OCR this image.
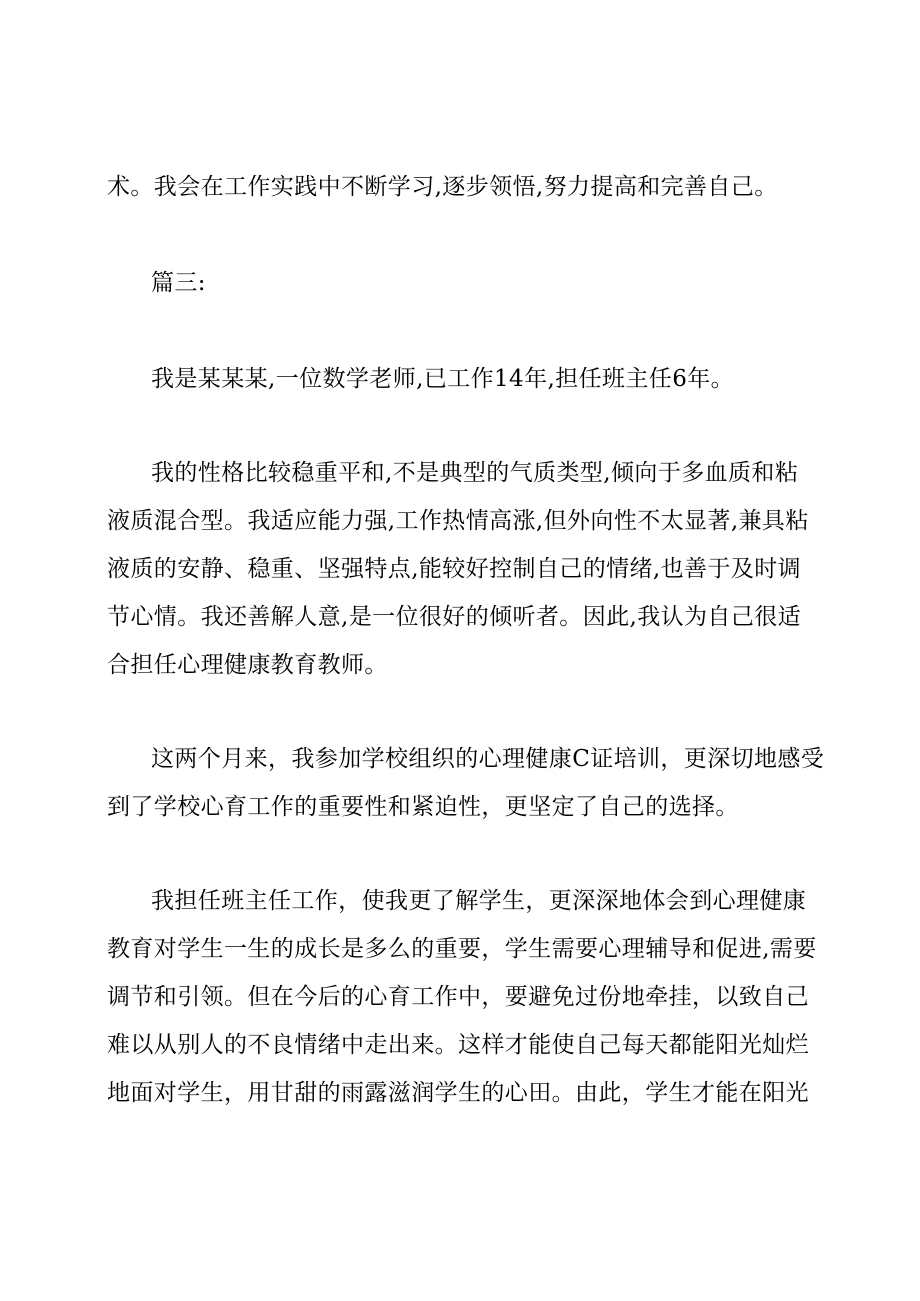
术。我会在工作实践中不断学习,逐步领悟,努力提高和完善自己。
篇三:
我是某某某,一位数学老师,已工作14年,担任班主任6年。
我的性格比较稳重平和,不是典型的气质类型,倾向于多血质和粘
液质混合型。我适应能力强,工作热情高涨,但外向性不太显著,兼具粘
液质的安静、稳重、坚强特点,能较好控制自己的情绪,也善于及时调
节心情。我还善解人意,是一位很好的倾听者。因此,我认为自己很适
合担任心理健康教育教师。
这两个月来，我参加学校组织的心理健康C证培训，更深切地感受
到了学校心育工作的重要性和紧迫性，更坚定了自己的选择。
我担任班主任工作，使我更了解学生，更深深地体会到心理健康
教育对学生一生的成长是多么的重要，学生需要心理辅导和促进,需要
调节和引领。但在今后的心育工作中，要避免过份地牵挂，以致自己
难以从别人的不良情绪中走出来。这样才能使自己每天都能阳光灿烂
地面对学生，用甘甜的雨露滋润学生的心田。由此，学生才能在阳光
